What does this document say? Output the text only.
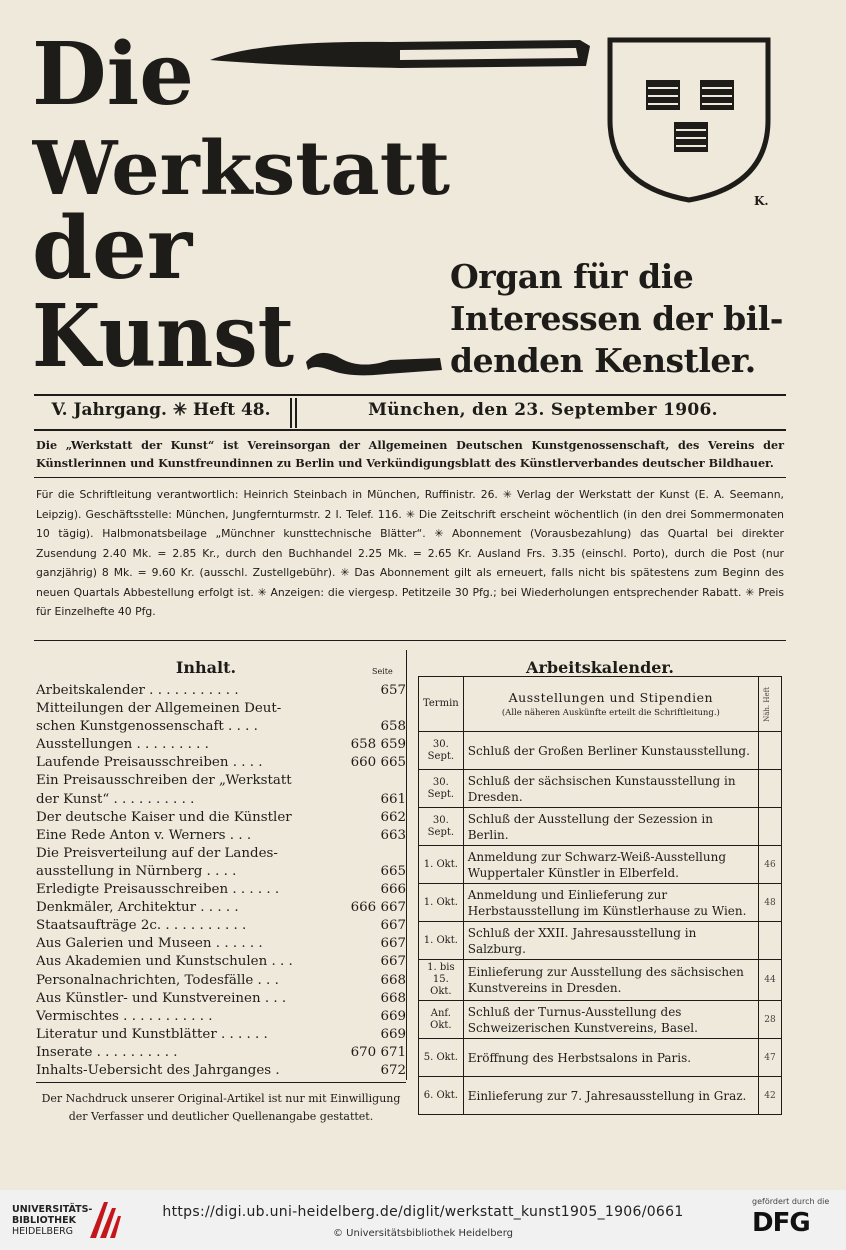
Die
Werkstatt
der
Kunst
K.
Organ für die
Interessen der bil-
denden Kenstler.
V. Jahrgang. ✳ Heft 48.	München, den 23. September 1906.

Die „Werkstatt der Kunst“ ist Vereinsorgan der Allgemeinen Deutschen Kunstgenossenschaft, des Vereins der Künstlerinnen und Kunstfreundinnen zu Berlin und Verkündigungsblatt des Künstlerverbandes deutscher Bildhauer.

Für die Schriftleitung verantwortlich: Heinrich Steinbach in München, Ruffinistr. 26. ✳ Verlag der Werkstatt der Kunst (E. A. Seemann, Leipzig). Geschäftsstelle: München, Jungfernturmstr. 2 I. Telef. 116. ✳ Die Zeitschrift erscheint wöchentlich (in den drei Sommermonaten 10 tägig). Halbmonatsbeilage „Münchner kunsttechnische Blätter“. ✳ Abonnement (Vorausbezahlung) das Quartal bei direkter Zusendung 2.40 Mk. = 2.85 Kr., durch den Buchhandel 2.25 Mk. = 2.65 Kr. Ausland Frs. 3.35 (einschl. Porto), durch die Post (nur ganzjährig) 8 Mk. = 9.60 Kr. (ausschl. Zustellgebühr). ✳ Das Abonnement gilt als erneuert, falls nicht bis spätestens zum Beginn des neuen Quartals Abbestellung erfolgt ist. ✳ Anzeigen: die viergesp. Petitzeile 30 Pfg.; bei Wiederholungen entsprechender Rabatt. ✳ Preis für Einzelhefte 40 Pfg.

Inhalt.	Seite
Arbeitskalender . . . . . . . . . . .	657
Mitteilungen der Allgemeinen Deut-
schen Kunstgenossenschaft . . . .	658
Ausstellungen . . . . . . . . .	658 659
Laufende Preisausschreiben . . . .	660 665
Ein Preisausschreiben der „Werkstatt
der Kunst“ . . . . . . . . . .	661
Der deutsche Kaiser und die Künstler	662
Eine Rede Anton v. Werners . . .	663
Die Preisverteilung auf der Landes-
ausstellung in Nürnberg . . . .	665
Erledigte Preisausschreiben . . . . . .	666
Denkmäler, Architektur . . . . .	666 667
Staatsaufträge 2c. . . . . . . . . . .	667
Aus Galerien und Museen . . . . . .	667
Aus Akademien und Kunstschulen . . .	667
Personalnachrichten, Todesfälle . . .	668
Aus Künstler- und Kunstvereinen . . .	668
Vermischtes . . . . . . . . . . .	669
Literatur und Kunstblätter . . . . . .	669
Inserate . . . . . . . . . .	670 671
Inhalts-Uebersicht des Jahrganges .	672
Der Nachdruck unserer Original-Artikel ist nur mit Einwilligung der Verfasser und deutlicher Quellenangabe gestattet.
Arbeitskalender.
Termin	Ausstellungen und Stipendien
(Alle näheren Auskünfte erteilt die Schriftleitung.)	Näh. Heft

30. Sept.	Schluß der Großen Berliner Kunstausstellung.	
30. Sept.	Schluß der sächsischen Kunstausstellung in Dresden.	
30. Sept.	Schluß der Ausstellung der Sezession in Berlin.	
1. Okt.	Anmeldung zur Schwarz-Weiß-Ausstellung Wuppertaler Künstler in Elberfeld.	46
1. Okt.	Anmeldung und Einlieferung zur Herbstausstellung im Künstlerhause zu Wien.	48
1. Okt.	Schluß der XXII. Jahresausstellung in Salzburg.	
1. bis 15. Okt.	Einlieferung zur Ausstellung des sächsischen Kunstvereins in Dresden.	44
Anf. Okt.	Schluß der Turnus-Ausstellung des Schweizerischen Kunstvereins, Basel.	28
5. Okt.	Eröffnung des Herbstsalons in Paris.	47
6. Okt.	Einlieferung zur 7. Jahresausstellung in Graz.	42
UNIVERSITÄTS-
BIBLIOTHEK
HEIDELBERG
https://digi.ub.uni-heidelberg.de/diglit/werkstatt_kunst1905_1906/0661
© Universitätsbibliothek Heidelberg
gefördert durch die
DFG
